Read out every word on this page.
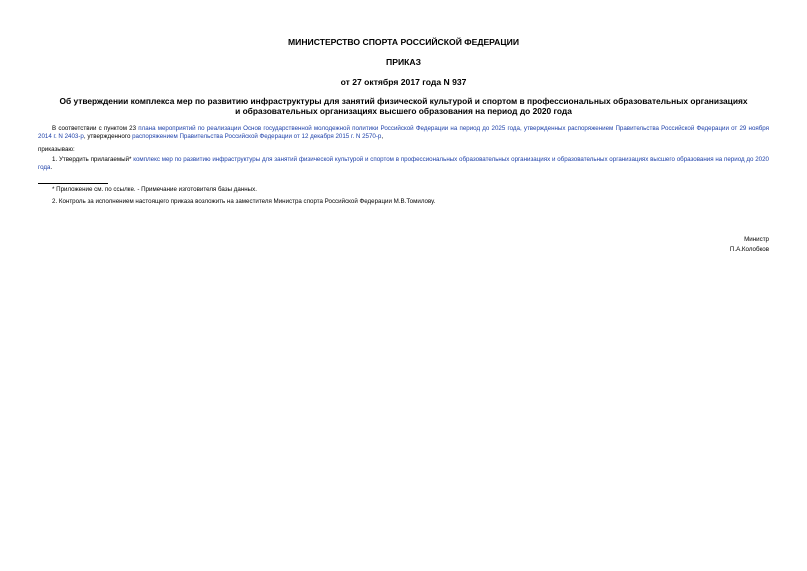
МИНИСТЕРСТВО СПОРТА РОССИЙСКОЙ ФЕДЕРАЦИИ
ПРИКАЗ
от 27 октября 2017 года N 937
Об утверждении комплекса мер по развитию инфраструктуры для занятий физической культурой и спортом в профессиональных образовательных организациях
и образовательных организациях высшего образования на период до 2020 года
В соответствии с пунктом 23 плана мероприятий по реализации Основ государственной молодежной политики Российской Федерации на период до 2025 года, утвержденных распоряжением Правительства Российской Федерации от 29 ноября 2014 г. N 2403-р, утвержденного распоряжением Правительства Российской Федерации от 12 декабря 2015 г. N 2570-р,
приказываю:
1. Утвердить прилагаемый* комплекс мер по развитию инфраструктуры для занятий физической культурой и спортом в профессиональных образовательных организациях и образовательных организациях высшего образования на период до 2020 года.
* Приложение см. по ссылке. - Примечание изготовителя базы данных.
2. Контроль за исполнением настоящего приказа возложить на заместителя Министра спорта Российской Федерации М.В.Томилову.
Министр
П.А.Колобков
